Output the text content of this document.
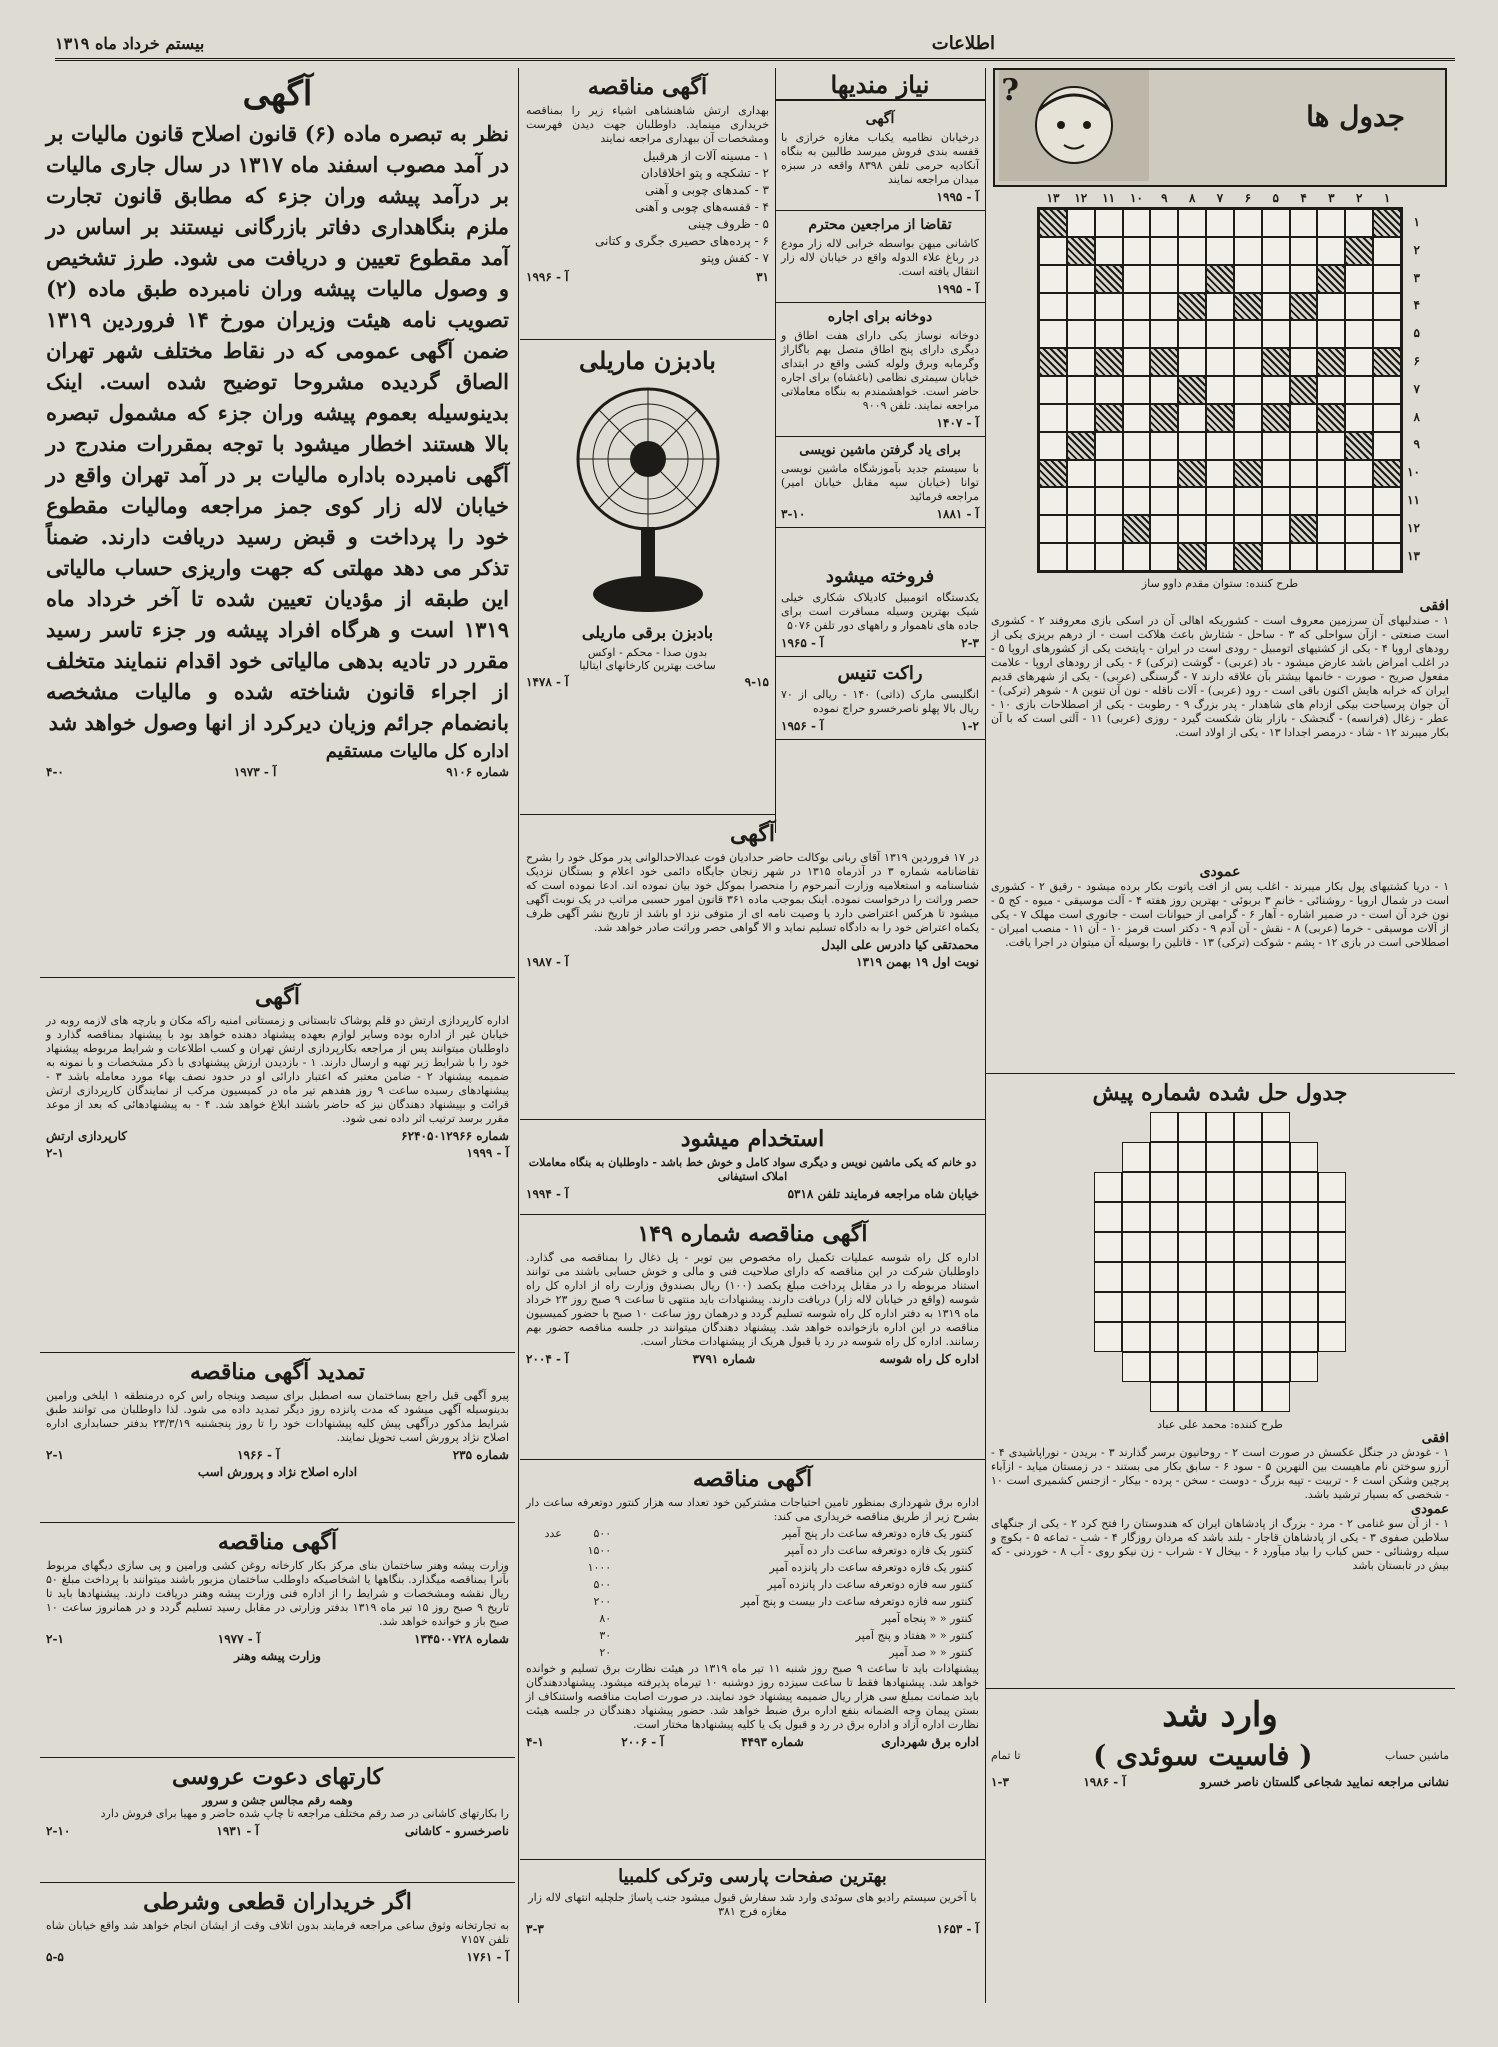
اطلاعات
بیستم خرداد ماه ۱۳۱۹
?
جدول ها
۱
۲
۳
۴
۵
۶
۷
۸
۹
۱۰
۱۱
۱۲
۱۳
۱
۲
۳
۴
۵
۶
۷
۸
۹
۱۰
۱۱
۱۲
۱۳
طرح کننده: ستوان مقدم داوو ساز
افقی
۱ - صندلیهای آن سرزمین معروف است - کشوریکه اهالی آن در اسکی بازی معروفند ۲ - کشوری است صنعتی - ازآن سواحلی که ۳ - ساحل - شتارش باعث هلاکت است - از درهم بریزی یکی از رودهای اروپا ۴ - یکی از کشتیهای اتومبیل - رودی است در ایران - پایتخت یکی از کشورهای اروپا ۵ - در اغلب امراض باشد عارض میشود - باد (عربی) - گوشت (ترکی) ۶ - یکی از رودهای اروپا - علامت مفعول صریح - صورت - خانمها بیشتر بآن علاقه دارند ۷ - گرسنگی (عربی) - یکی از شهرهای قدیم ایران که خرابه هایش اکنون باقی است - رود (عربی) - آلات ناقله - نون آن تنوین ۸ - شوهر (ترکی) - آن جوان پرسیاحت بیکی ازدام های شاهدار - پدر بزرگ ۹ - رطوبت - یکی از اصطلاحات بازی ۱۰ - عطر - زغال (فرانسه) - گنجشک - بازار بتان شکست گیرد - روزی (عربی) ۱۱ - آلتی است که با آن بکار میبرند ۱۲ - شاد - درمصر اجدادا ۱۳ - یکی از اولاد است.
عمودی
۱ - دریا کشتیهای پول بکار میبرند - اغلب پس از افت پاتوت بکار برده میشود - رقیق ۲ - کشوری است در شمال اروپا - روشنائی - خانم ۳ بربوئی - بهترین روز هفته ۴ - آلت موسیقی - میوه - کج ۵ - نون خرد آن است - در ضمیر اشاره - آهار ۶ - گرامی از حیوانات است - جانوری است مهلک ۷ - یکی از آلات موسیقی - خرما (عربی) ۸ - نقش - آن آدم ۹ - دکتر است قرمز ۱۰ - آن ۱۱ - منصب امیران - اصطلاحی است در بازی ۱۲ - پشم - شوکت (ترکی) ۱۳ - قاتلین را بوسیله آن میتوان در اجرا یافت.
جدول حل شده شماره پیش
طرح کننده: محمد علی عباد
افقی
۱ - غودش در جنگل عکسش در صورت است ۲ - روحانیون برسر گذارند ۳ - بریدن - نوراپاشیدی ۴ - آرزو سوختن نام ماهیست بین النهرین ۵ - سود ۶ - سابق بکار می بستند - در زمستان میاید - ازآباء پرچین وشکن است ۶ - تربیت - تپیه بزرگ - دوست - سخن - پرده - بیکار - ازجنس کشمیری است ۱۰ - شخصی که بسیار ترشید باشد.
عمودی
۱ - از آن سو غنامی ۲ - مرد - بزرگ از پادشاهان ایران که هندوستان را فتح کرد ۲ - یکی از جنگهای سلاطین صفوی ۳ - یکی از پادشاهان قاجار - بلند باشد که مردان روزگار ۴ - شب - تماعه ۵ - بکوچ و سیله روشنائی - حس کباب را بیاد میآورد ۶ - بیخال ۷ - شراب - زن نیکو روی - آب ۸ - خوردنی - که بیش در تابستان باشد
وارد شد
ماشین حساب
( فاسیت سوئدی )
تا تمام
نشانی مراجعه نمایید شجاعی گلستان ناصر خسرو
آ - ۱۹۸۶
۱-۳
نیاز مندیها
آگهی
درخیابان نظامیه یکباب مغازه خرازی با قفسه بندی فروش میرسد طالبین به بنگاه آنکادیه حرمی تلفن ۸۳۹۸ واقعه در سبزه میدان مراجعه نمایند
آ - ۱۹۹۵
تقاضا از مراجعین محترم
کاشانی میهن بواسطه خرابی لاله زار مودع در رباغ علاء الدوله واقع در خیابان لاله زار انتقال یافته است.
آ - ۱۹۹۵
دوخانه برای اجاره
دوخانه نوساز یکی دارای هفت اطاق و دیگری دارای پنج اطاق متصل بهم باگاراژ وگرمابه وبرق ولوله کشی واقع در ابتدای خیابان سیمتری نظامی (باغشاه) برای اجاره حاضر است. خواهشمندم به بنگاه معاملاتی مراجعه نمایند. تلفن ۹۰۰۹
آ - ۱۴۰۷
برای یاد گرفتن ماشین نویسی
با سیستم جدید بآموزشگاه ماشین نویسی توانا (خیابان سپه مقابل خیابان امیر) مراجعه فرمائید
آ - ۱۸۸۱
۳-۱۰
آگهی مناقصه
بهداری ارتش شاهنشاهی اشیاء زیر را بمناقصه خریداری مینماید. داوطلبان جهت دیدن فهرست ومشخصات آن ببهداری مراجعه نمایند
۱ - مسینه آلات از هرقبیل
۲ - تشکچه و پتو اخلاقادان
۳ - کمدهای چوبی و آهنی
۴ - قفسه‌های چوبی و آهنی
۵ - ظروف چینی
۶ - پرده‌های حصیری جگری و کتانی
۷ - کفش وپتو
۳۱
آ - ۱۹۹۶
بادبزن ماریلی
بادبزن برقی ماریلی
بدون صدا - محکم - اوکس
ساخت بهترین کارخانهای ایتالیا
۹-۱۵
آ - ۱۴۷۸
فروخته میشود
یکدستگاه اتومبیل کادیلاک شکاری خیلی شیک بهترین وسیله مسافرت است برای جاده های ناهموار و راههای دور تلفن ۵۰۷۶
۲-۳
آ - ۱۹۶۵
راکت تنیس
انگلیسی مارک (ذاتی) ۱۴۰ - ریالی از ۷۰ ریال بالا پهلو ناصرخسرو حراج نموده
۱-۲
آ - ۱۹۵۶
آگهی
در ۱۷ فروردین ۱۳۱۹ آقای ربانی بوکالت حاضر حدادیان فوت عبدالاحدالوانی پدر موکل خود را بشرح تقاضانامه شماره ۳ در آذرماه ۱۳۱۵ در شهر زنجان جایگاه دائمی خود اعلام و بستگان نزدیک شناسنامه و استعلامیه وزارت آنمرحوم را منحصرا بموکل خود بیان نموده اند. ادعا نموده است که حصر وراثت را درخواست نموده. اینک بموجب ماده ۳۶۱ قانون امور حسبی مراتب در یک نوبت آگهی میشود تا هرکس اعتراضی دارد یا وصیت نامه ای از متوفی نزد او باشد از تاریخ نشر آگهی ظرف یکماه اعتراض خود را به دادگاه تسلیم نماید و الا گواهی حصر وراثت صادر خواهد شد.
محمدتقی کیا دادرس علی البدل
نوبت اول ۱۹ بهمن ۱۳۱۹
آ - ۱۹۸۷
استخدام میشود
دو خانم که یکی ماشین نویس و دیگری سواد کامل و خوش خط باشد - داوطلبان به بنگاه معاملات املاک استیفانی
خیابان شاه مراجعه فرمایند تلفن ۵۳۱۸
آ - ۱۹۹۴
آگهی مناقصه شماره ۱۴۹
اداره کل راه شوسه عملیات تکمیل راه مخصوص بین تویر - پل ذغال را بمناقصه می گذارد. داوطلبان شرکت در این مناقصه که دارای صلاحیت فنی و مالی و خوش حسابی باشند می توانند استناد مربوطه را در مقابل پرداخت مبلغ یکصد (۱۰۰) ریال بصندوق وزارت راه از اداره کل راه شوسه (واقع در خیابان لاله زار) دریافت دارند. پیشنهادات باید منتهی تا ساعت ۹ صبح روز ۲۳ خرداد ماه ۱۳۱۹ به دفتر اداره کل راه شوسه تسلیم گردد و درهمان روز ساعت ۱۰ صبح با حضور کمیسیون مناقصه در این اداره بازخوانده خواهد شد. پیشنهاد دهندگان میتوانند در جلسه مناقصه حضور بهم رسانند. اداره کل راه شوسه در رد یا قبول هریک از پیشنهادات مختار است.
اداره کل راه شوسه
شماره ۳۷۹۱
آ - ۲۰۰۴
آگهی مناقصه
اداره برق شهرداری بمنظور تامین احتیاجات مشترکین خود تعداد سه هزار کنتور دوتعرفه ساعت دار بشرح زیر از طریق مناقصه خریداری می کند:
کنتور یک فازه دوتعرفه ساعت دار پنج آمپر	۵۰۰	عدد
کنتور یک فازه دوتعرفه ساعت دار ده آمپر	۱۵۰۰	
کنتور یک فازه دوتعرفه ساعت دار پانزده آمپر	۱۰۰۰	
کنتور سه فازه دوتعرفه ساعت دار پانزده آمپر	۵۰۰	
کنتور سه فازه دوتعرفه ساعت دار بیست و پنج آمپر	۲۰۰	
کنتور « « پنجاه آمپر	۸۰	
کنتور « « هفتاد و پنج آمپر	۳۰	
کنتور « « صد آمپر	۲۰	
پیشنهادات باید تا ساعت ۹ صبح روز شنبه ۱۱ تیر ماه ۱۳۱۹ در هیئت نظارت برق تسلیم و خوانده خواهد شد. پیشنهادها فقط تا ساعت سیزده روز دوشنبه ۱۰ تیرماه پذیرفته میشود. پیشنهاددهندگان باید ضمانت بمبلغ سی هزار ریال ضمیمه پیشنهاد خود نمایند. در صورت اصابت مناقصه واستنکاف از بستن پیمان وجه الضمانه بنفع اداره برق ضبط خواهد شد. حضور پیشنهاد دهندگان در جلسه هیئت نظارت اداره آزاد و اداره برق در رد و قبول یک یا کلیه پیشنهادها مختار است.
اداره برق شهرداری
شماره ۴۴۹۳
آ - ۲۰۰۶
۴-۱
بهترین صفحات پارسی وترکی کلمبیا
با آخرین سیستم رادیو های سوئدی وارد شد سفارش قبول میشود جنب پاساژ جلچلیه انتهای لاله زار مغازه فرج ۳۸۱
آ - ۱۶۵۳
۳-۳
آگهی
نظر به تبصره ماده (۶) قانون اصلاح قانون مالیات بر در آمد مصوب اسفند ماه ۱۳۱۷ در سال جاری مالیات بر درآمد پیشه وران جزء که مطابق قانون تجارت ملزم بنگاهداری دفاتر بازرگانی نیستند بر اساس در آمد مقطوع تعیین و دریافت می شود. طرز تشخیص و وصول مالیات پیشه وران نامبرده طبق ماده (۲) تصویب نامه هیئت وزیران مورخ ۱۴ فروردین ۱۳۱۹ ضمن آگهی عمومی که در نقاط مختلف شهر تهران الصاق گردیده مشروحا توضیح شده است. اینک بدینوسیله بعموم پیشه وران جزء که مشمول تبصره بالا هستند اخطار میشود با توجه بمقررات مندرج در آگهی نامبرده باداره مالیات بر در آمد تهران واقع در خیابان لاله زار کوی جمز مراجعه ومالیات مقطوع خود را پرداخت و قبض رسید دریافت دارند. ضمناً تذکر می دهد مهلتی که جهت واریزی حساب مالیاتی این طبقه از مؤدیان تعیین شده تا آخر خرداد ماه ۱۳۱۹ است و هرگاه افراد پیشه ور جزء تاسر رسید مقرر در تادیه بدهی مالیاتی خود اقدام ننمایند متخلف از اجراء قانون شناخته شده و مالیات مشخصه بانضمام جرائم وزیان دیرکرد از انها وصول خواهد شد
اداره کل مالیات مستقیم
شماره ۹۱۰۶
آ - ۱۹۷۳
۴-۰
آگهی
اداره کارپردازی ارتش دو قلم پوشاک تابستانی و زمستانی امنیه راکه مکان و بارچه های لازمه روبه در خیابان غیر از اداره بوده وسایر لوازم بعهده پیشنهاد دهنده خواهد بود با پیشنهاد بمناقصه گذارد و داوطلبان میتوانند پس از مراجعه بکارپردازی ارتش تهران و کسب اطلاعات و شرایط مربوطه پیشنهاد خود را با شرایط زیر تهیه و ارسال دارند. ۱ - بازدیدن ارزش پیشنهادی با ذکر مشخصات و با نمونه به ضمیمه پیشنهاد ۲ - ضامن معتبر که اعتبار دارائی او در حدود نصف بهاء مورد معامله باشد ۳ - پیشنهادهای رسیده ساعت ۹ روز هفدهم تیر ماه در کمیسیون مرکب از نمایندگان کارپردازی ارتش قرائت و بپیشنهاد دهندگان نیز که حاضر باشند ابلاغ خواهد شد. ۴ - به پیشنهادهائی که بعد از موعد مقرر برسد ترتیب اثر داده نمی شود.
شماره ۶۲۴۰۵۰۱۲۹۶۶
کارپردازی ارتش
آ - ۱۹۹۹
۲-۱
تمدید آگهی مناقصه
پیرو آگهی قبل راجع بساختمان سه اصطبل برای سیصد وپنجاه راس کره درمنطقه ۱ ایلخی ورامین بدینوسیله آگهی میشود که مدت پانزده روز دیگر تمدید داده می شود. لذا داوطلبان می توانند طبق شرایط مذکور درآگهی پیش کلیه پیشنهادات خود را تا روز پنجشنبه ۲۳/۳/۱۹ بدفتر حسابداری اداره اصلاح نژاد پرورش اسب تحویل نمایند.
شماره ۲۳۵
آ - ۱۹۶۶
۲-۱
اداره اصلاح نژاد و پرورش اسب
آگهی مناقصه
وزارت پیشه وهنر ساختمان بنای مرکز بکار کارخانه روغن کشی ورامین و پی سازی دیگهای مربوط بآنرا بمناقصه میگذارد. بنگاهها یا اشخاصیکه داوطلب ساختمان مزبور باشند میتوانند با پرداخت مبلغ ۵۰ ریال نقشه ومشخصات و شرایط را از اداره فنی وزارت پیشه وهنر دریافت دارند. پیشنهادها باید تا تاریخ ۹ صبح روز ۱۵ تیر ماه ۱۳۱۹ بدفتر وزارتی در مقابل رسید تسلیم گردد و در همانروز ساعت ۱۰ صبح باز و خوانده خواهد شد.
شماره ۱۳۴۵۰۰۷۲۸
آ - ۱۹۷۷
۲-۱
وزارت پیشه وهنر
کارتهای دعوت عروسی
وهمه رقم مجالس جشن و سرور
را بکارتهای کاشانی در صد رقم مختلف مراجعه تا چاپ شده حاضر و مهیا برای فروش دارد
ناصرخسرو - کاشانی
آ - ۱۹۳۱
۲-۱۰
اگر خریداران قطعی وشرطی
به تجارتخانه وثوق ساعی مراجعه فرمایند بدون اتلاف وقت از ایشان انجام خواهد شد واقع خیابان شاه تلفن ۷۱۵۷
آ - ۱۷۶۱
۵-۵
